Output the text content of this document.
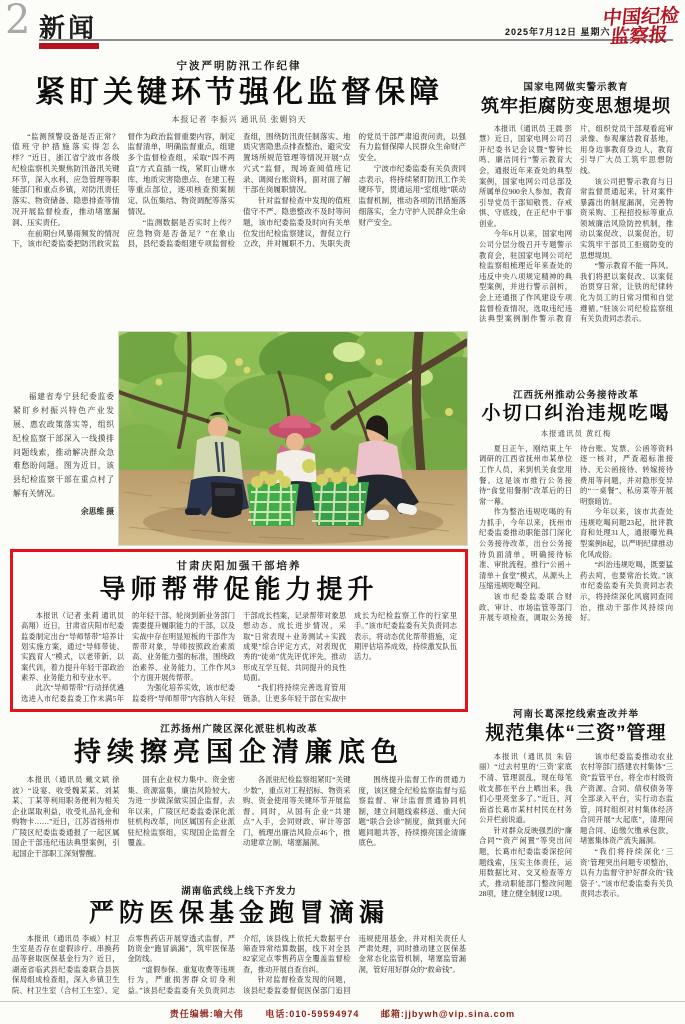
2 新闻	2025年7月12日 星期六
中国纪检监察报
宁波严明防汛工作纪律
紧盯关键环节强化监督保障
本报记者 李振兴 通讯员 张媚钧天

“监测预警设备是否正常？值班守护措施落实得怎么样？”近日，浙江省宁波市各级纪检监察机关聚焦防汛备汛关键环节，深入水利、应急管理等职能部门和重点乡镇，对防汛责任落实、物资储备、隐患排查等情况开展监督检查，推动堵塞漏洞、压实责任。

在前期台风暴雨频发的情况下，该市纪委监委把防汛救灾监督作为政治监督重要内容，制定监督清单，明确监督重点，组建多个监督检查组，采取“四不两直”方式直插一线，紧盯山塘水库、地质灾害隐患点、在建工程等重点部位，逐项核查预案制定、队伍集结、物资调配等落实情况。

“监测数据是否实时上传？应急物资是否备足？”在象山县，县纪委监委组建专项监督检查组，围绕防汛责任制落实、地质灾害隐患点排查整治、避灾安置场所规范管理等情况开展“点穴式”监督，现场查阅值班记录、调阅台账资料，面对面了解干部在岗履职情况。

针对监督检查中发现的值班值守不严、隐患整改不及时等问题，该市纪委监委及时向有关单位发出纪检监察建议，督促立行立改，并对履职不力、失职失责的党员干部严肃追责问责，以强有力监督保障人民群众生命财产安全。

宁波市纪委监委有关负责同志表示，将持续紧盯防汛工作关键环节，贯通运用“室组地”联动监督机制，推动各项防汛措施落细落实，全力守护人民群众生命财产安全。

福建省寿宁县纪委监委紧盯乡村振兴特色产业发展、惠农政策落实等，组织纪检监察干部深入一线摸排问题线索，推动解决群众急难愁盼问题。图为近日，该县纪检监察干部在重点村了解有关情况。

余思维 摄

甘肃庆阳加强干部培养
导师帮带促能力提升

本报讯（记者 张莉 通讯员 高翔）近日，甘肃省庆阳市纪委监委制定出台“导师帮带”培养计划实施方案，通过“导师带徒、实践育人”模式，以老带新、以案代训，着力提升年轻干部政治素养、业务能力和专业水平。

此次“导师帮带”行动择优遴选进入市纪委监委工作未满5年的年轻干部、轮岗到新业务部门需要提升履职能力的干部，以及实战中存在明显短板的干部作为帮带对象，导师按照政治素质高、业务能力强的标准，围绕政治素养、业务能力、工作作风3个方面开展传帮带。

为强化培养实效，该市纪委监委将“导师帮带”内容纳入年轻干部成长档案，记录帮带对象思想动态、成长进步情况，采取“日常表现＋业务测试＋实践成果”综合评定方式，对表现优秀的“徒弟”优先评优评先，推动形成互学互促、共同提升的良性局面。

“我们将持续完善选育管用链条，让更多年轻干部在实战中成长为纪检监察工作的行家里手。”该市纪委监委有关负责同志表示，将动态优化帮带措施，定期评估培养成效，持续激发队伍活力。

江苏扬州广陵区深化派驻机构改革
持续擦亮国企清廉底色

本报讯（通讯员 戴文斌 徐波）“设宴、收受魏某某、刘某某、丁某等利用职务便利为相关企业谋取利益，收受礼品礼金和购物卡……”近日，江苏省扬州市广陵区纪委监委通报了一起区属国企干部违纪违法典型案例，引起国企干部职工深刻警醒。

国有企业权力集中、资金密集、资源富集，廉洁风险较大。为进一步做深做实国企监督，去年以来，广陵区纪委监委深化派驻机构改革，向区属国有企业派驻纪检监察组，实现国企监督全覆盖。

各派驻纪检监察组紧盯“关键少数”，重点对工程招标、物资采购、资金使用等关键环节开展监督。同时，从国有企业“共建点”入手，会同财政、审计等部门，梳理出廉洁风险点46个，推动建章立制、堵塞漏洞。

围绕提升监督工作的贯通力度，该区健全纪检监察监督与巡察监督、审计监督贯通协同机制，建立问题线索移送、重大问题“联合会诊”制度，做到重大问题同题共答，持续擦亮国企清廉底色。

湖南临武线上线下齐发力
严防医保基金跑冒滴漏

本报讯（通讯员 李威）村卫生室是否存在虚假诊疗、串换药品等套取医保基金行为？近日，湖南省临武县纪委监委联合县医保局组成检查组，深入乡镇卫生院、村卫生室（合村工生室）、定点零售药店开展穿透式监督，严防资金“跑冒滴漏”，筑牢医保基金防线。

“虚假参保、重复收费等违规行为，严重损害群众切身利益。”该县纪委监委有关负责同志介绍，该县线上依托大数据平台筛查异常结算数据，线下对全县82家定点零售药店全覆盖监督检查，推动开展自查自纠。

针对监督检查发现的问题，该县纪委监委督促医保部门追回违规使用基金，并对相关责任人严肃处理，同时推动建立医保基金常态化监管机制，堵塞监管漏洞，管好用好群众的“救命钱”。

国家电网做实警示教育
筑牢拒腐防变思想堤坝

本报讯（通讯员 王晨 彭慧）近日，国家电网公司召开纪委书记会议暨“警钟长鸣、廉洁同行”警示教育大会，通报近年来查处的典型案例，国家电网公司总部及所属单位900余人参加，教育引导党员干部知敬畏、存戒惧、守底线，在正纪中干事创业。

今年6月以来，国家电网公司分层分级召开专题警示教育会，驻国家电网公司纪检监察组梳理近年来查处的违反中央八项规定精神的典型案例，并进行警示剖析，会上还通报了作风建设专项监督检查情况，选取违纪违法典型案例制作警示教育片，组织党员干部观看庭审录像、参观廉洁教育基地，用身边事教育身边人，教育引导广大员工筑牢思想防线。

该公司把警示教育与日常监督贯通起来，针对案件暴露出的制度漏洞，完善物资采购、工程招投标等重点领域廉洁风险防控机制，推动以案促改、以案促治，切实筑牢干部员工拒腐防变的思想堤坝。

“警示教育不能一阵风。我们将把以案促改、以案促治贯穿日常，让铁的纪律转化为员工的日常习惯和自觉遵循。”驻该公司纪检监察组有关负责同志表示。

江西抚州推动公务接待改革
小切口纠治违规吃喝
本报通讯员 黄红梅

夏日正午，刚结束上午调研的江西省抚州市某单位工作人员，来到机关食堂用餐。这是该市推行公务接待“食堂用餐制”改革后的日常一幕。

作为整治违规吃喝的有力抓手，今年以来，抚州市纪委监委推动职能部门深化公务接待改革，出台公务接待负面清单，明确接待标准、审批流程，推行“公函＋清单＋食堂”模式，从源头上压缩违规吃喝空间。

该市纪委监委联合财政、审计、市场监管等部门开展专项检查，调取公务接待台账、发票、公函等资料逐一核对，严查超标准接待、无公函接待、转嫁接待费用等问题，并对隐形变异的“一桌餐”、私房菜等开展明察暗访。

今年以来，该市共查处违规吃喝问题23起，批评教育和处理31人，通报曝光典型案例8起，以严明纪律推动化风成俗。

“纠治违规吃喝，既要猛药去疴，也要常治长效。”该市纪委监委有关负责同志表示，将持续深化风腐同查同治，推动干部作风持续向好。

河南长葛深挖线索查改并举
规范集体“三资”管理

本报讯（通讯员 朱倍丽）“过去村里的‘三资’家底不清、管理混乱，现在每笔收支都在平台上晒出来，我们心里亮堂多了。”近日，河南省长葛市某村村民在村务公开栏前说道。

针对群众反映强烈的“廉合同”“资产闲置”等突出问题，长葛市纪委监委深挖问题线索，压实主体责任，运用数据比对、交叉检查等方式，推动职能部门整改问题28项，建立健全制度12项。

该市纪委监委推动农业农村等部门搭建农村集体“三资”监管平台，将全市村级资产资源、合同、债权债务等全部录入平台，实行动态监管，同时组织对村集体经济合同开展“大起底”，清理问题合同、追缴欠缴承包款，堵塞集体资产流失漏洞。

“我们将持续深化‘三资’管理突出问题专项整治，以有力监督守护好群众的‘钱袋子’。”该市纪委监委有关负责同志表示。

责任编辑:喻大伟 电话:010-59594974 邮箱:jjbywh@vip.sina.com
